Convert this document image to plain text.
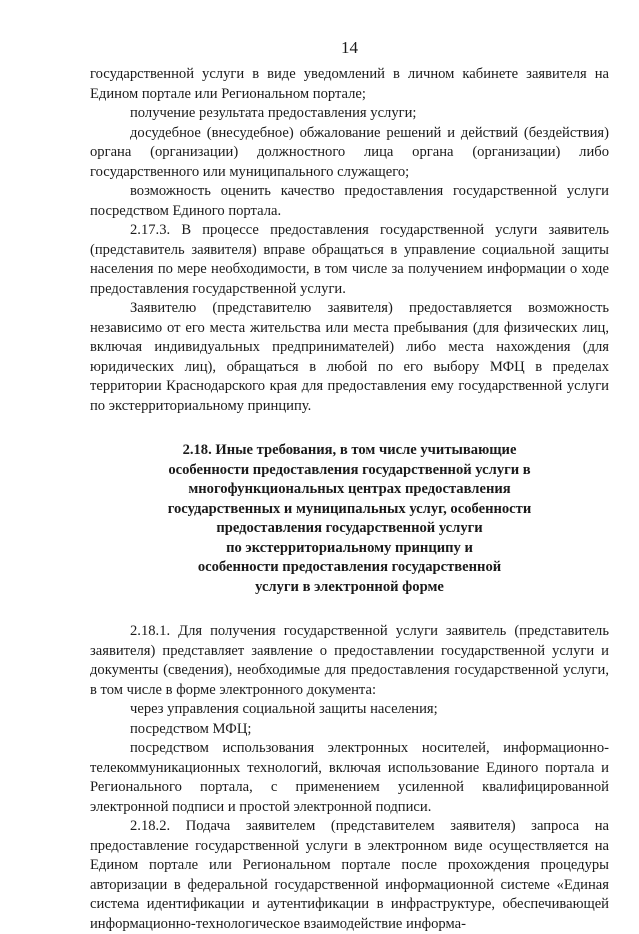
14

государственной услуги в виде уведомлений в личном кабинете заявителя на Едином портале или Региональном портале;

получение результата предоставления услуги;

досудебное (внесудебное) обжалование решений и действий (бездействия) органа (организации) должностного лица органа (организации) либо государственного или муниципального служащего;

возможность оценить качество предоставления государственной услуги посредством Единого портала.

2.17.3. В процессе предоставления государственной услуги заявитель (представитель заявителя) вправе обращаться в управление социальной защиты населения по мере необходимости, в том числе за получением информации о ходе предоставления государственной услуги.

Заявителю (представителю заявителя) предоставляется возможность независимо от его места жительства или места пребывания (для физических лиц, включая индивидуальных предпринимателей) либо места нахождения (для юридических лиц), обращаться в любой по его выбору МФЦ в пределах территории Краснодарского края для предоставления ему государственной услуги по экстерриториальному принципу.

2.18. Иные требования, в том числе учитывающие
особенности предоставления государственной услуги в
многофункциональных центрах предоставления
государственных и муниципальных услуг, особенности
предоставления государственной услуги
по экстерриториальному принципу и
особенности предоставления государственной
услуги в электронной форме

2.18.1. Для получения государственной услуги заявитель (представитель заявителя) представляет заявление о предоставлении государственной услуги и документы (сведения), необходимые для предоставления государственной услуги, в том числе в форме электронного документа:

через управления социальной защиты населения;

посредством МФЦ;

посредством использования электронных носителей, информационно-телекоммуникационных технологий, включая использование Единого портала и Регионального портала, с применением усиленной квалифицированной электронной подписи и простой электронной подписи.

2.18.2. Подача заявителем (представителем заявителя) запроса на предоставление государственной услуги в электронном виде осуществляется на Едином портале или Региональном портале после прохождения процедуры авторизации в федеральной государственной информационной системе «Единая система идентификации и аутентификации в инфраструктуре, обеспечивающей информационно-технологическое взаимодействие информа-
